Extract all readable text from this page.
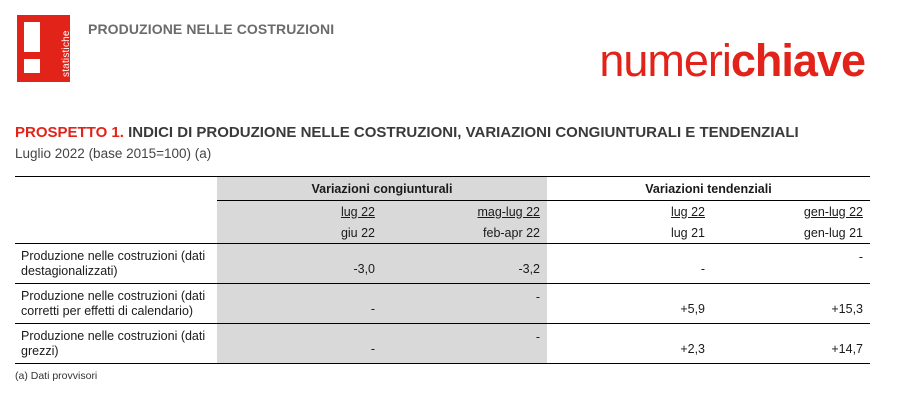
statistiche
PRODUZIONE NELLE COSTRUZIONI
numerichiave
PROSPETTO 1. INDICI DI PRODUZIONE NELLE COSTRUZIONI, VARIAZIONI CONGIUNTURALI E TENDENZIALI
Luglio 2022 (base 2015=100) (a)
	Variazioni congiunturali		Variazioni tendenziali	
	lug 22	mag-lug 22	lug 22	gen-lug 22
	giu 22	feb-apr 22	lug 21	gen-lug 21
Produzione nelle costruzioni (dati destagionalizzati)	-3,0	-3,2	-	-
Produzione nelle costruzioni (dati corretti per effetti di calendario)	-	-	+5,9	+15,3
Produzione nelle costruzioni (dati grezzi)	-	-	+2,3	+14,7
(a) Dati provvisori
